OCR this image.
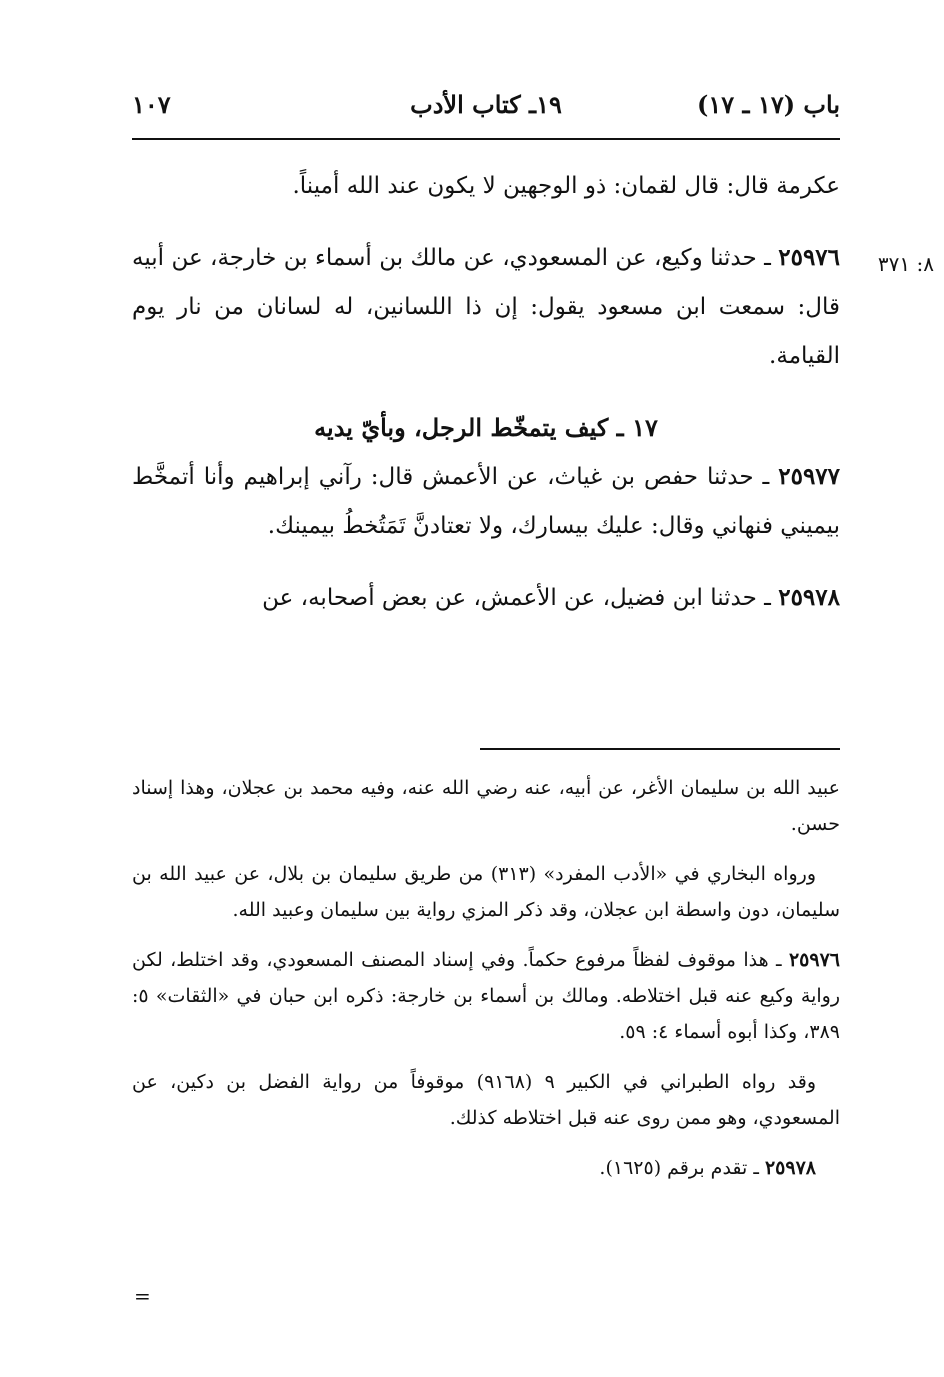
باب (١٧ ـ ١٧)
١٩ـ كتاب الأدب
١٠٧
٨: ٣٧١

عكرمة قال: قال لقمان: ذو الوجهين لا يكون عند الله أميناً.

٢٥٩٧٦ ـ حدثنا وكيع، عن المسعودي، عن مالك بن أسماء بن خارجة، عن أبيه قال: سمعت ابن مسعود يقول: إن ذا اللسانين، له لسانان من نار يوم القيامة.

١٧ ـ كيف يتمخّط الرجل، وبأيّ يديه

٢٥٩٧٧ ـ حدثنا حفص بن غياث، عن الأعمش قال: رآني إبراهيم وأنا أتمخَّط بيميني فنهاني وقال: عليك بيسارك، ولا تعتادنَّ تَمَتُخطُ بيمينك.

٢٥٩٧٨ ـ حدثنا ابن فضيل، عن الأعمش، عن بعض أصحابه، عن

عبيد الله بن سليمان الأغر، عن أبيه، عنه رضي الله عنه، وفيه محمد بن عجلان، وهذا إسناد حسن.

ورواه البخاري في «الأدب المفرد» (٣١٣) من طريق سليمان بن بلال، عن عبيد الله بن سليمان، دون واسطة ابن عجلان، وقد ذكر المزي رواية بين سليمان وعبيد الله.

٢٥٩٧٦ ـ هذا موقوف لفظاً مرفوع حكماً. وفي إسناد المصنف المسعودي، وقد اختلط، لكن رواية وكيع عنه قبل اختلاطه. ومالك بن أسماء بن خارجة: ذكره ابن حبان في «الثقات» ٥: ٣٨٩، وكذا أبوه أسماء ٤: ٥٩.

وقد رواه الطبراني في الكبير ٩ (٩١٦٨) موقوفاً من رواية الفضل بن دكين، عن المسعودي، وهو ممن روى عنه قبل اختلاطه كذلك.

٢٥٩٧٨ ـ تقدم برقم (١٦٢٥).

=
